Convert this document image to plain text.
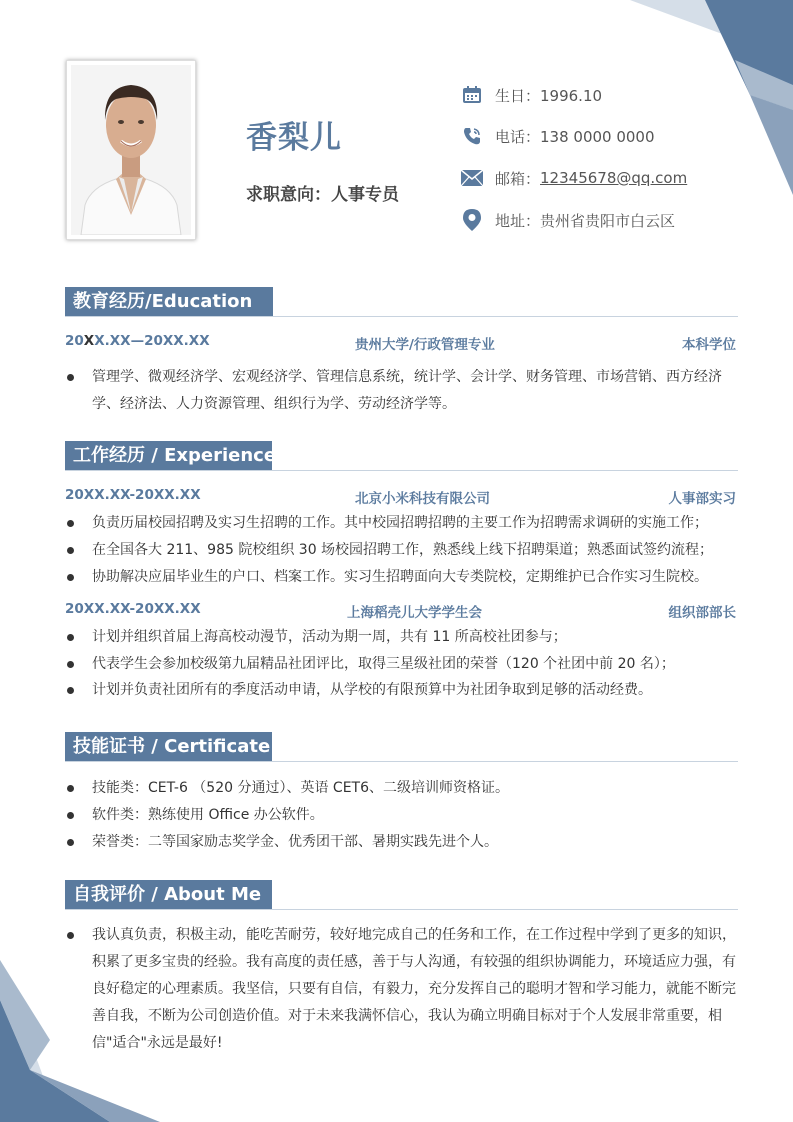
香梨儿
求职意向：人事专员
生日：1996.10
电话：138 0000 0000
邮箱： 12345678@qq.com
地址：贵州省贵阳市白云区
教育经历/Education
20XX.XX—20XX.XX	贵州大学/行政管理专业	本科学位
管理学、微观经济学、宏观经济学、管理信息系统，统计学、会计学、财务管理、市场营销、西方经济学、经济法、人力资源管理、组织行为学、劳动经济学等。
工作经历 / Experience
20XX.XX-20XX.XX	北京小米科技有限公司	人事部实习
负责历届校园招聘及实习生招聘的工作。其中校园招聘招聘的主要工作为招聘需求调研的实施工作；
在全国各大 211、985 院校组织 30 场校园招聘工作，熟悉线上线下招聘渠道；熟悉面试签约流程；
协助解决应届毕业生的户口、档案工作。实习生招聘面向大专类院校，定期维护已合作实习生院校。
20XX.XX-20XX.XX	上海稻壳儿大学学生会	组织部部长
计划并组织首届上海高校动漫节，活动为期一周，共有 11 所高校社团参与；
代表学生会参加校级第九届精品社团评比，取得三星级社团的荣誉（120 个社团中前 20 名）；
计划并负责社团所有的季度活动申请，从学校的有限预算中为社团争取到足够的活动经费。
技能证书 / Certificate
技能类：CET-6 （520 分通过）、英语 CET6、二级培训师资格证。
软件类：熟练使用 Office 办公软件。
荣誉类：二等国家励志奖学金、优秀团干部、暑期实践先进个人。
自我评价 / About Me
我认真负责，积极主动，能吃苦耐劳，较好地完成自己的任务和工作，在工作过程中学到了更多的知识，积累了更多宝贵的经验。我有高度的责任感，善于与人沟通，有较强的组织协调能力，环境适应力强，有良好稳定的心理素质。我坚信，只要有自信，有毅力，充分发挥自己的聪明才智和学习能力，就能不断完善自我，不断为公司创造价值。对于未来我满怀信心，我认为确立明确目标对于个人发展非常重要，相信"适合"永远是最好!
